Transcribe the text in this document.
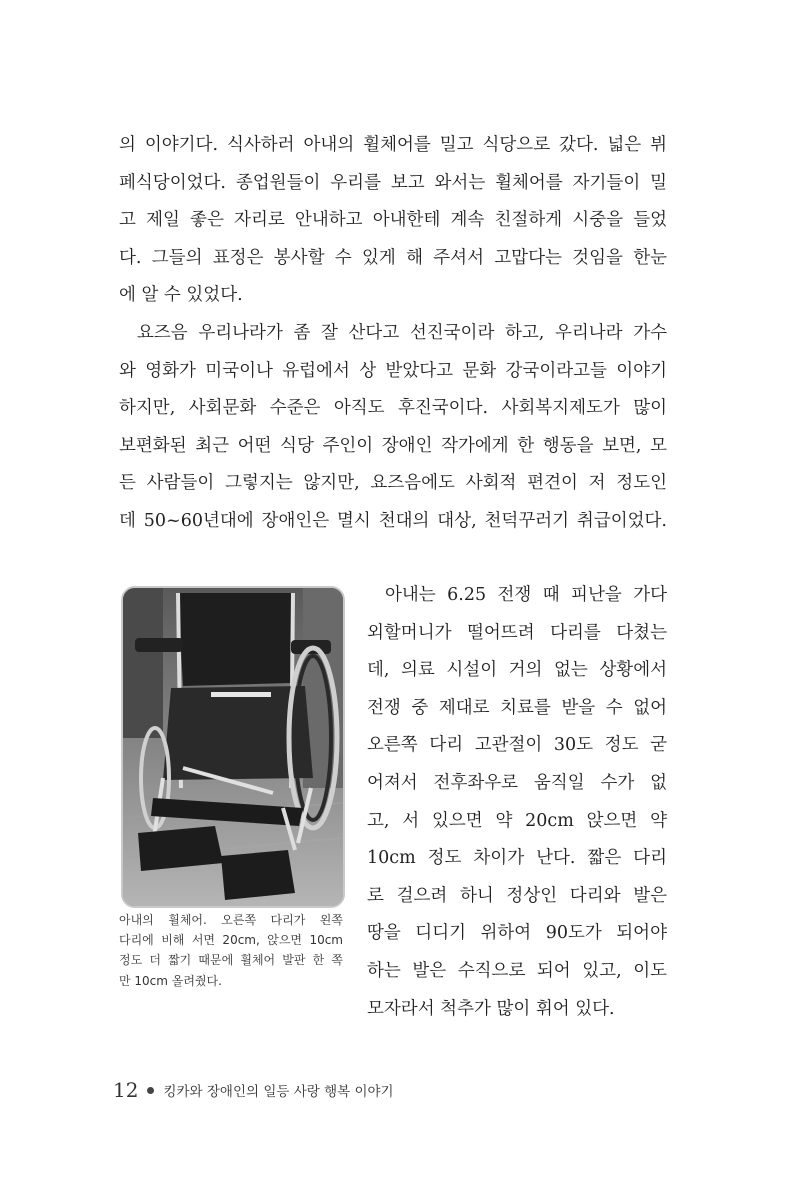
의 이야기다. 식사하러 아내의 휠체어를 밀고 식당으로 갔다. 넓은 뷔
페식당이었다. 종업원들이 우리를 보고 와서는 휠체어를 자기들이 밀
고 제일 좋은 자리로 안내하고 아내한테 계속 친절하게 시중을 들었
다. 그들의 표정은 봉사할 수 있게 해 주셔서 고맙다는 것임을 한눈
에 알 수 있었다.
요즈음 우리나라가 좀 잘 산다고 선진국이라 하고, 우리나라 가수
와 영화가 미국이나 유럽에서 상 받았다고 문화 강국이라고들 이야기
하지만, 사회문화 수준은 아직도 후진국이다. 사회복지제도가 많이
보편화된 최근 어떤 식당 주인이 장애인 작가에게 한 행동을 보면, 모
든 사람들이 그렇지는 않지만, 요즈음에도 사회적 편견이 저 정도인
데 50~60년대에 장애인은 멸시 천대의 대상, 천덕꾸러기 취급이었다.
아내의 휠체어. 오른쪽 다리가 왼쪽
다리에 비해 서면 20cm, 앉으면 10cm
정도 더 짧기 때문에 휠체어 발판 한 쪽
만 10cm 올려줬다.
아내는 6.25 전쟁 때 피난을 가다
외할머니가 떨어뜨려 다리를 다쳤는
데, 의료 시설이 거의 없는 상황에서
전쟁 중 제대로 치료를 받을 수 없어
오른쪽 다리 고관절이 30도 정도 굳
어져서 전후좌우로 움직일 수가 없
고, 서 있으면 약 20cm 앉으면 약
10cm 정도 차이가 난다. 짧은 다리
로 걸으려 하니 정상인 다리와 발은
땅을 디디기 위하여 90도가 되어야
하는 발은 수직으로 되어 있고, 이도
모자라서 척추가 많이 휘어 있다.
12 킹카와 장애인의 일등 사랑 행복 이야기
